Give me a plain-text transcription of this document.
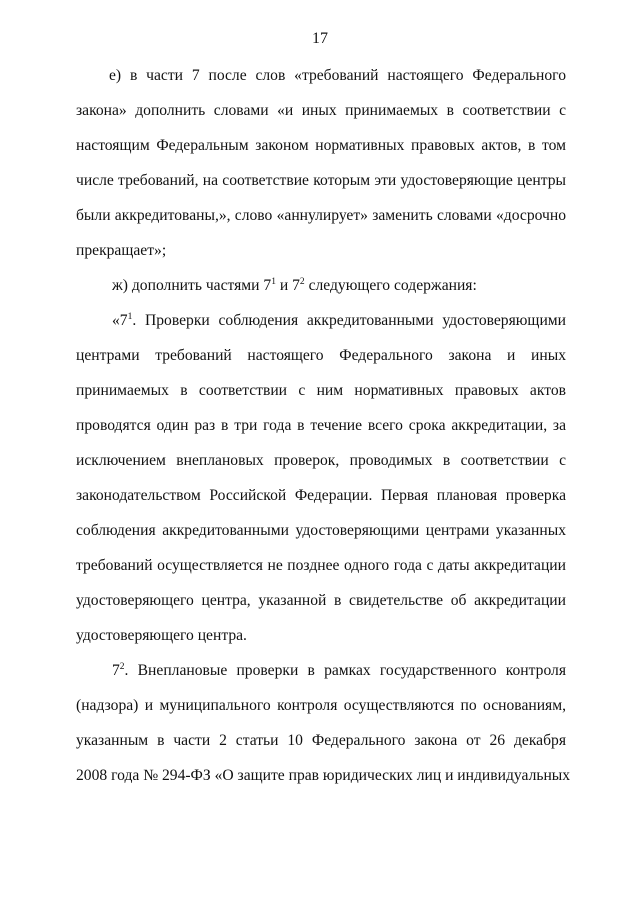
17
е) в части 7 после слов «требований настоящего Федерального
закона» дополнить словами «и иных принимаемых в соответствии с
настоящим Федеральным законом нормативных правовых актов, в том
числе требований, на соответствие которым эти удостоверяющие центры
были аккредитованы,», слово «аннулирует» заменить словами «досрочно
прекращает»;
ж) дополнить частями $7^1$ и $7^2$ следующего содержания:
«$7^1$. Проверки соблюдения аккредитованными удостоверяющими
центрами требований настоящего Федерального закона и иных
принимаемых в соответствии с ним нормативных правовых актов
проводятся один раз в три года в течение всего срока аккредитации, за
исключением внеплановых проверок, проводимых в соответствии с
законодательством Российской Федерации. Первая плановая проверка
соблюдения аккредитованными удостоверяющими центрами указанных
требований осуществляется не позднее одного года с даты аккредитации
удостоверяющего центра, указанной в свидетельстве об аккредитации
удостоверяющего центра.
$7^2$. Внеплановые проверки в рамках государственного контроля
(надзора) и муниципального контроля осуществляются по основаниям,
указанным в части 2 статьи 10 Федерального закона от 26 декабря
2008 года № 294-ФЗ «О защите прав юридических лиц и индивидуальных
